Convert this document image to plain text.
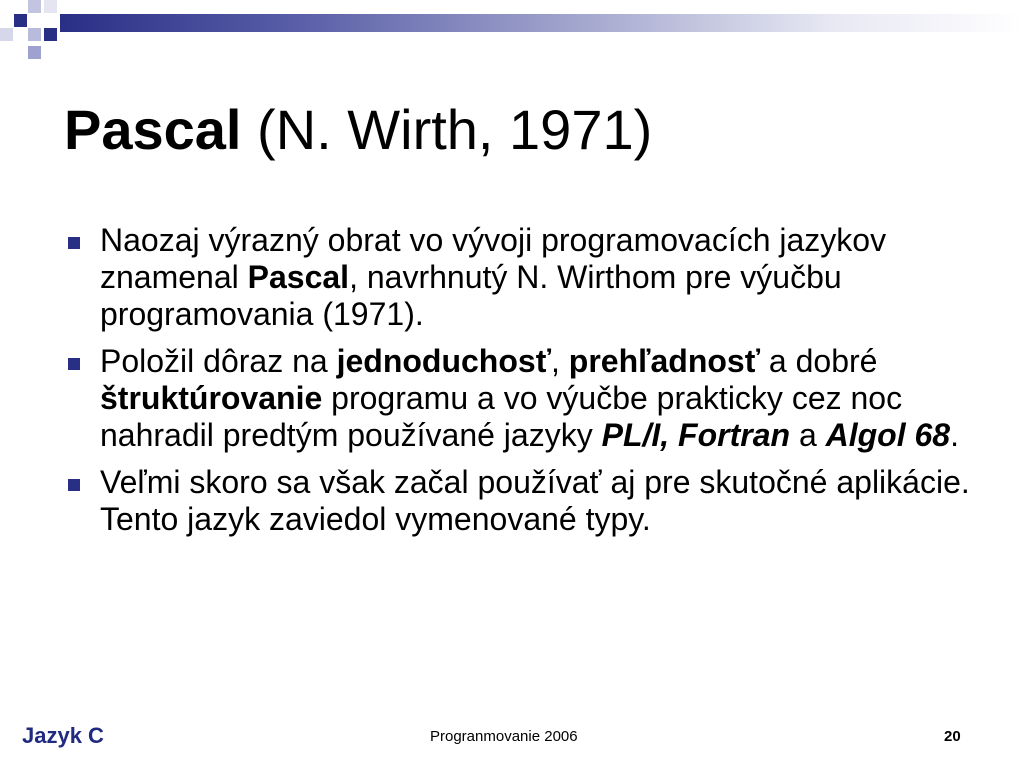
Pascal (N. Wirth, 1971)
Naozaj výrazný obrat vo vývoji programovacích jazykov znamenal Pascal, navrhnutý N. Wirthom pre výučbu programovania (1971).
Položil dôraz na jednoduchosť, prehľadnosť a dobré štruktúrovanie programu a vo výučbe prakticky cez noc nahradil predtým používané jazyky PL/I, Fortran a Algol 68.
Veľmi skoro sa však začal používať aj pre skutočné aplikácie. Tento jazyk zaviedol vymenované typy.
Jazyk C	Progranmovanie 2006	20
